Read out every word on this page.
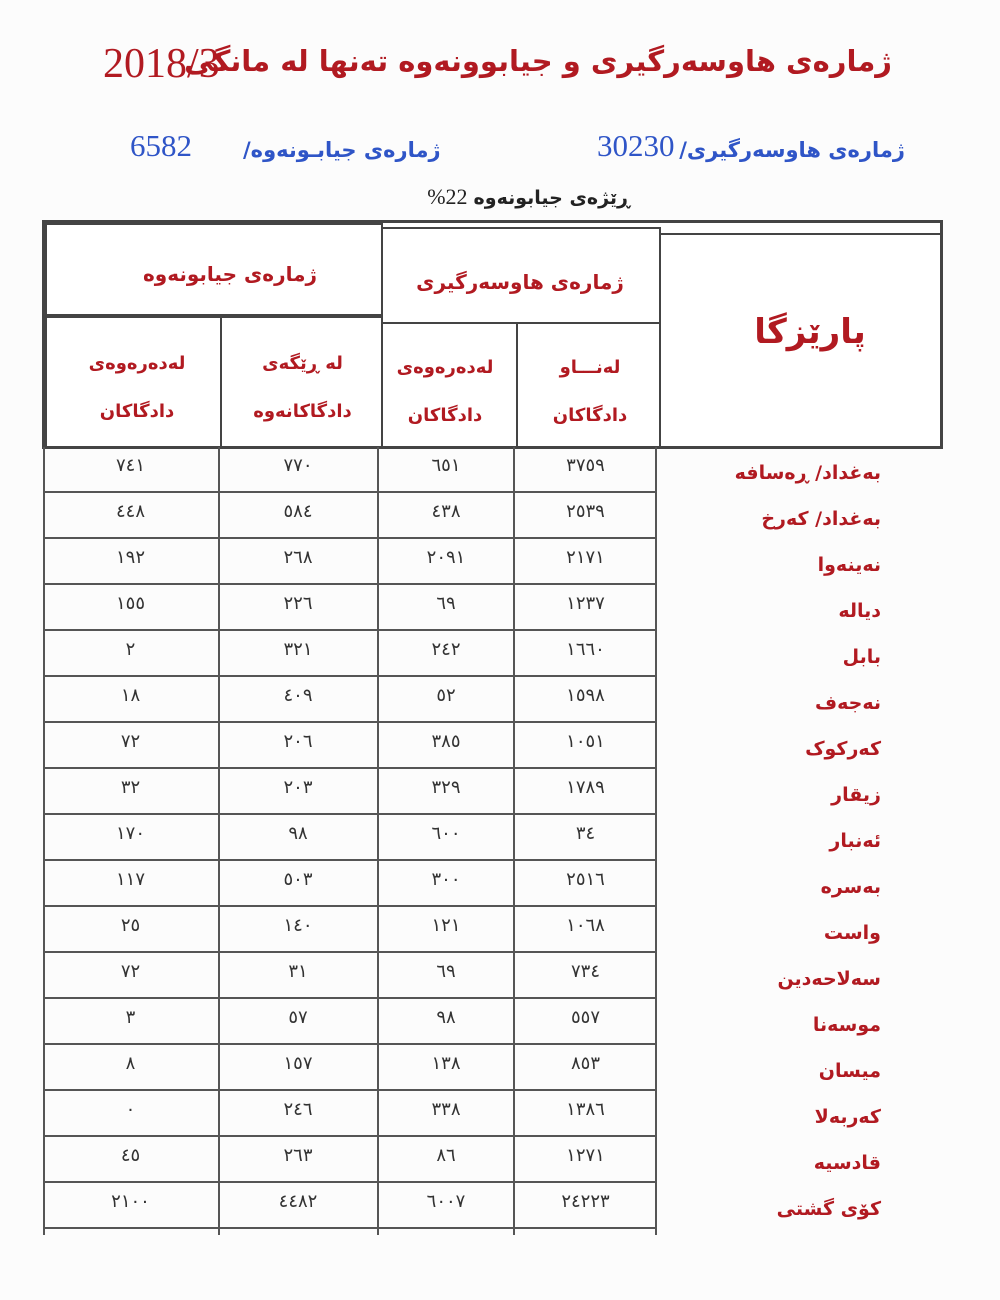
2018/3
ژمارەی هاوسەرگیری و جیابوونەوە تەنها لە مانگی
6582 ژمارەی جیابـونەوە/	30230 ژمارەی هاوسەرگیری/
ڕێژەی جیابونەوە22%
ژمارەی جیابونەوە	ژمارەی هاوسەرگیری
پارێزگا
لەدەرەوەی دادگاکان
لە ڕێگەی دادگاکانەوە
لەدەرەوەی دادگاکان
لەنـــاو دادگاکان
٧٤١	٧٧٠	٦٥١	٣٧٥٩	بەغداد/ ڕەسافە
٤٤٨	٥٨٤	٤٣٨	٢٥٣٩	بەغداد/ کەرخ
١٩٢	٢٦٨	٢٠٩١	٢١٧١	نەینەوا
١٥٥	٢٢٦	٦٩	١٢٣٧	دیالە
٢	٣٢١	٢٤٢	١٦٦٠	بابل
١٨	٤٠٩	٥٢	١٥٩٨	نەجەف
٧٢	٢٠٦	٣٨٥	١٠٥١	کەرکوک
٣٢	٢٠٣	٣٢٩	١٧٨٩	زیقار
١٧٠	٩٨	٦٠٠	٣٤	ئەنبار
١١٧	٥٠٣	٣٠٠	٢٥١٦	بەسرە
٢٥	١٤٠	١٢١	١٠٦٨	واست
٧٢	٣١	٦٩	٧٣٤	سەلاحەدین
٣	٥٧	٩٨	٥٥٧	موسەنا
٨	١٥٧	١٣٨	٨٥٣	میسان
٠	٢٤٦	٣٣٨	١٣٨٦	کەربەلا
٤٥	٢٦٣	٨٦	١٢٧١	قادسیە
٢١٠٠	٤٤٨٢	٦٠٠٧	٢٤٢٢٣	کۆی گشتی
